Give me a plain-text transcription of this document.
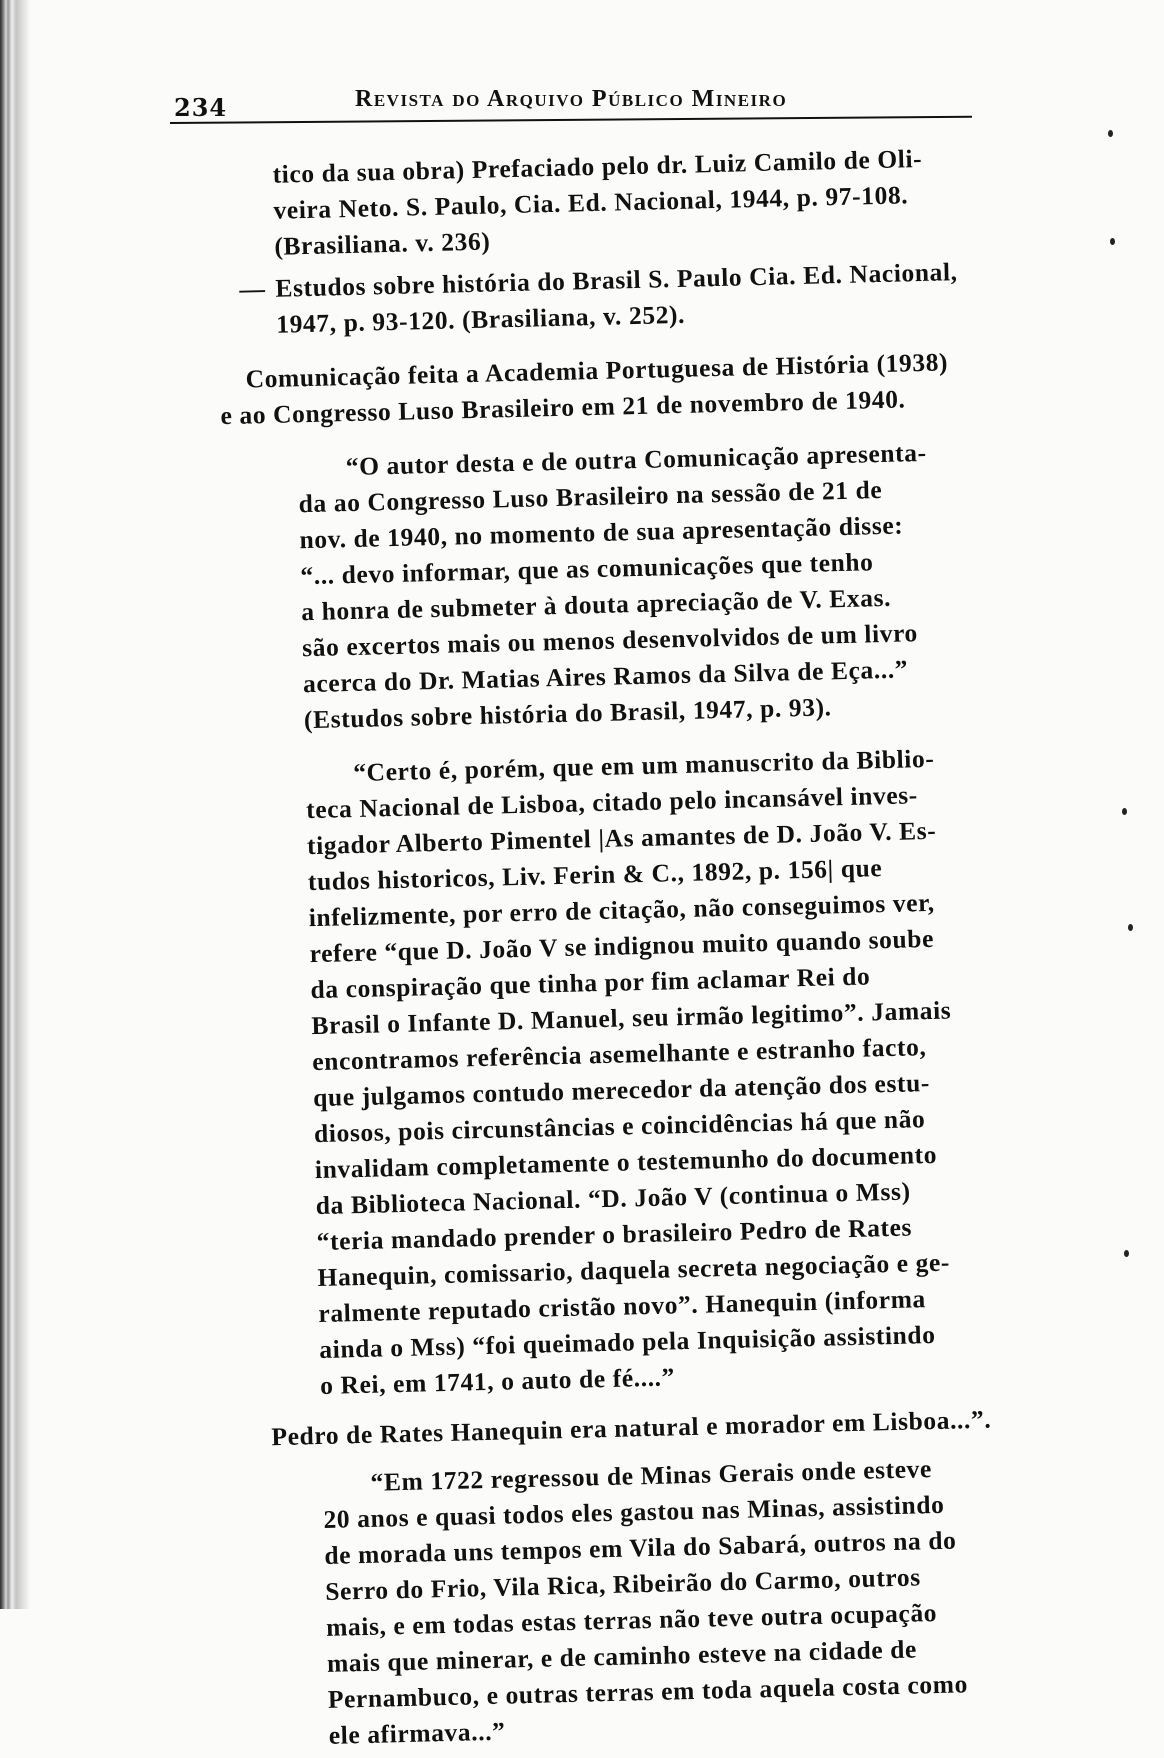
234	Revista do Arquivo Público Mineiro
tico da sua obra) Prefaciado pelo dr. Luiz Camilo de Oli-
veira Neto. S. Paulo, Cia. Ed. Nacional, 1944, p. 97-108.
(Brasiliana. v. 236)
— Estudos sobre história do Brasil S. Paulo Cia. Ed. Nacional,
1947, p. 93-120. (Brasiliana, v. 252).
Comunicação feita a Academia Portuguesa de História (1938)
e ao Congresso Luso Brasileiro em 21 de novembro de 1940.
“O autor desta e de outra Comunicação apresenta-
da ao Congresso Luso Brasileiro na sessão de 21 de
nov. de 1940, no momento de sua apresentação disse:
“... devo informar, que as comunicações que tenho
a honra de submeter à douta apreciação de V. Exas.
são excertos mais ou menos desenvolvidos de um livro
acerca do Dr. Matias Aires Ramos da Silva de Eça...”
(Estudos sobre história do Brasil, 1947, p. 93).
“Certo é, porém, que em um manuscrito da Biblio-
teca Nacional de Lisboa, citado pelo incansável inves-
tigador Alberto Pimentel |As amantes de D. João V. Es-
tudos historicos, Liv. Ferin & C., 1892, p. 156| que
infelizmente, por erro de citação, não conseguimos ver,
refere “que D. João V se indignou muito quando soube
da conspiração que tinha por fim aclamar Rei do
Brasil o Infante D. Manuel, seu irmão legitimo”. Jamais
encontramos referência asemelhante e estranho facto,
que julgamos contudo merecedor da atenção dos estu-
diosos, pois circunstâncias e coincidências há que não
invalidam completamente o testemunho do documento
da Biblioteca Nacional. “D. João V (continua o Mss)
“teria mandado prender o brasileiro Pedro de Rates
Hanequin, comissario, daquela secreta negociação e ge-
ralmente reputado cristão novo”. Hanequin (informa
ainda o Mss) “foi queimado pela Inquisição assistindo
o Rei, em 1741, o auto de fé....”
Pedro de Rates Hanequin era natural e morador em Lisboa...”.
“Em 1722 regressou de Minas Gerais onde esteve
20 anos e quasi todos eles gastou nas Minas, assistindo
de morada uns tempos em Vila do Sabará, outros na do
Serro do Frio, Vila Rica, Ribeirão do Carmo, outros
mais, e em todas estas terras não teve outra ocupação
mais que minerar, e de caminho esteve na cidade de
Pernambuco, e outras terras em toda aquela costa como
ele afirmava...”
